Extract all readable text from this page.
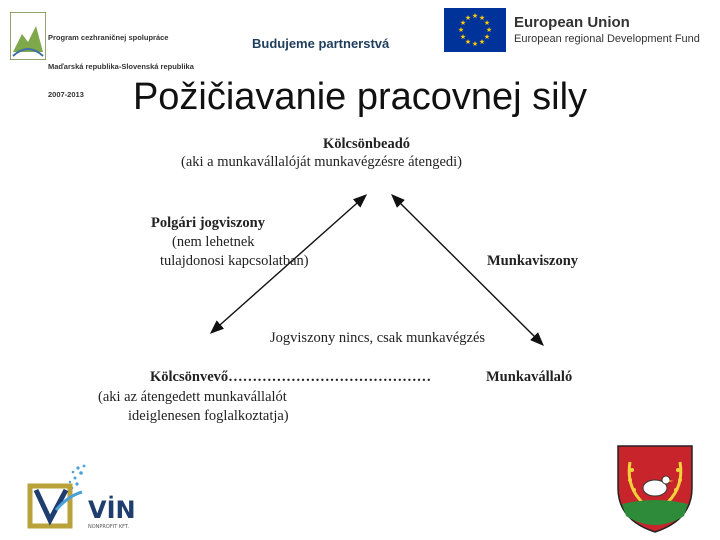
Program cezhraničnej spolupráce

Maďarská republika-Slovenská republika

2007-2013

Budujeme partnerstvá
★ ★
★
★
★
★
★
★
★
★
★
★	European Union
European regional Development Fund
Požičiavanie pracovnej sily
Kölcsönbeadó
(aki a munkavállalóját munkavégzésre átengedi)
Polgári jogviszony
(nem lehetnek
tulajdonosi kapcsolatban)	Munkaviszony
Jogviszony nincs, csak munkavégzés
Kölcsönvevő……………………………………	Munkavállaló
(aki az átengedett munkavállalót
ideiglenesen foglalkoztatja)
VİN
NONPROFIT KFT.
